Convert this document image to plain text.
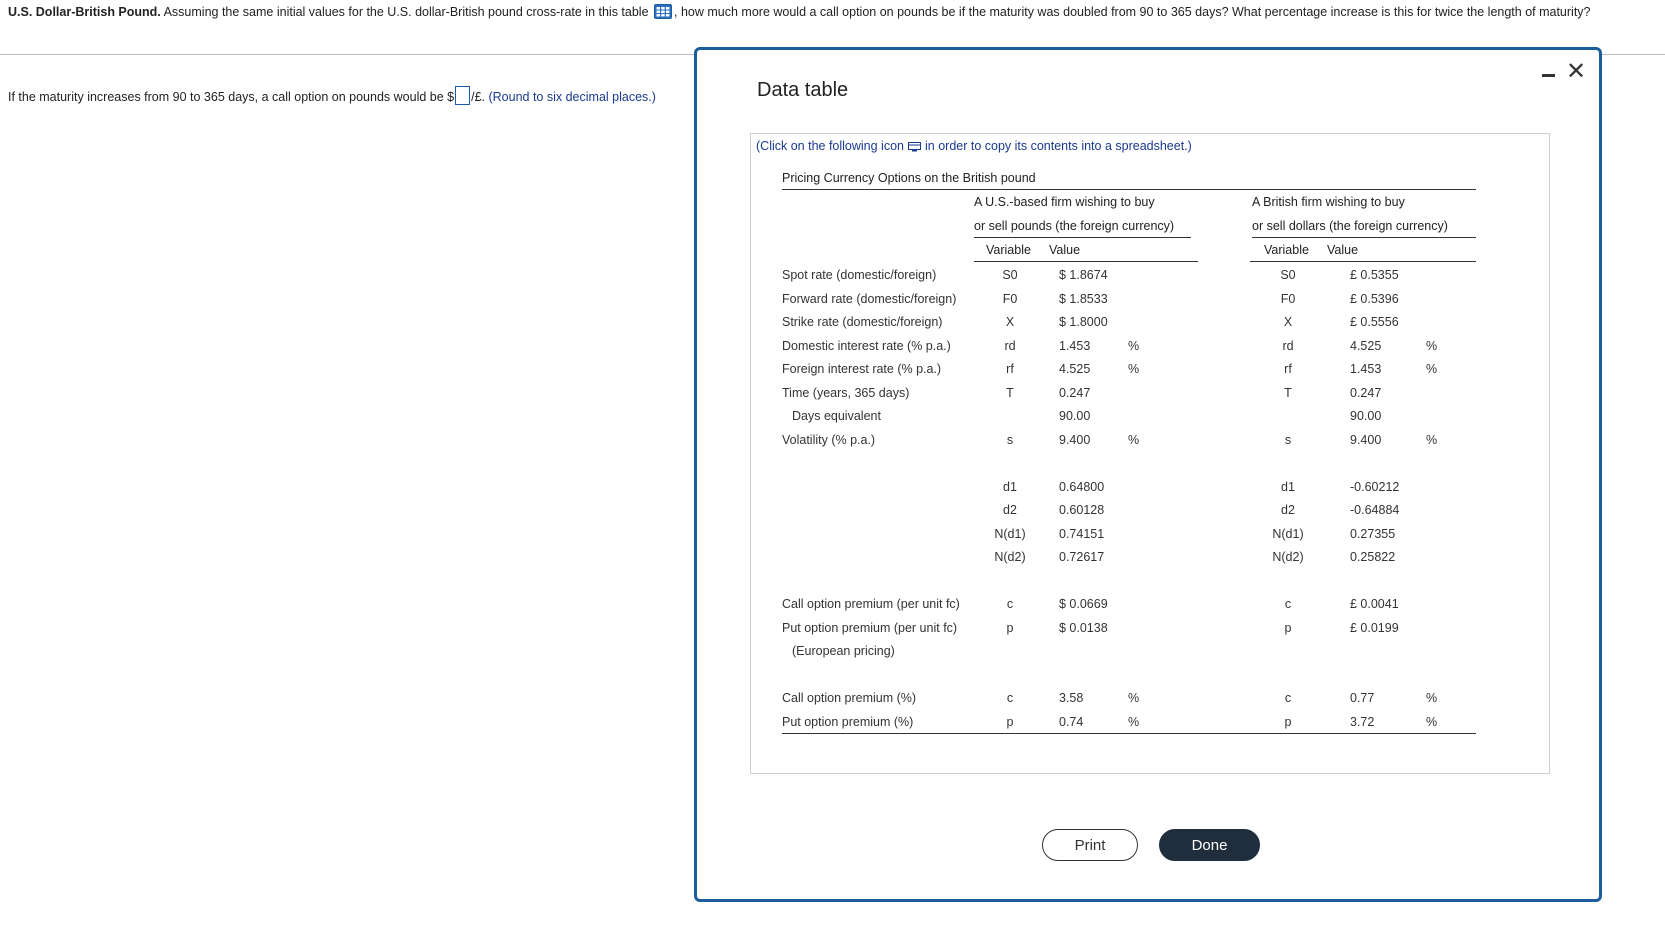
U.S. Dollar-British Pound. Assuming the same initial values for the U.S. dollar-British pound cross-rate in this table , how much more would a call option on pounds be if the maturity was doubled from 90 to 365 days? What percentage increase is this for twice the length of maturity?
If the maturity increases from 90 to 365 days, a call option on pounds would be $ /£. (Round to six decimal places.)	Data table
✕
(Click on the following icon in order to copy its contents into a spreadsheet.)
Pricing Currency Options on the British pound
A U.S.-based firm wishing to buy
or sell pounds (the foreign currency)
A British firm wishing to buy
or sell dollars (the foreign currency)
Variable Value	Variable Value
Spot rate (domestic/foreign)	S0	$ 1.8674	S0	£ 0.5355
Forward rate (domestic/foreign)	F0	$ 1.8533	F0	£ 0.5396
Strike rate (domestic/foreign)	X	$ 1.8000	X	£ 0.5556
Domestic interest rate (% p.a.)	rd	1.453	%	rd	4.525	%
Foreign interest rate (% p.a.)	rf	4.525	%	rf	1.453	%
Time (years, 365 days)	T	0.247	T	0.247
Days equivalent	90.00	90.00
Volatility (% p.a.)	s	9.400	%	s	9.400	%
d1	0.64800	d1	-0.60212
d2	0.60128	d2	-0.64884
N(d1)	0.74151	N(d1)	0.27355
N(d2)	0.72617	N(d2)	0.25822
Call option premium (per unit fc)	c	$ 0.0669	c	£ 0.0041
Put option premium (per unit fc)	p	$ 0.0138	p	£ 0.0199
(European pricing)
Call option premium (%)	c	3.58	%	c	0.77	%
Put option premium (%)	p	0.74	%	p	3.72	%
Print	Done
